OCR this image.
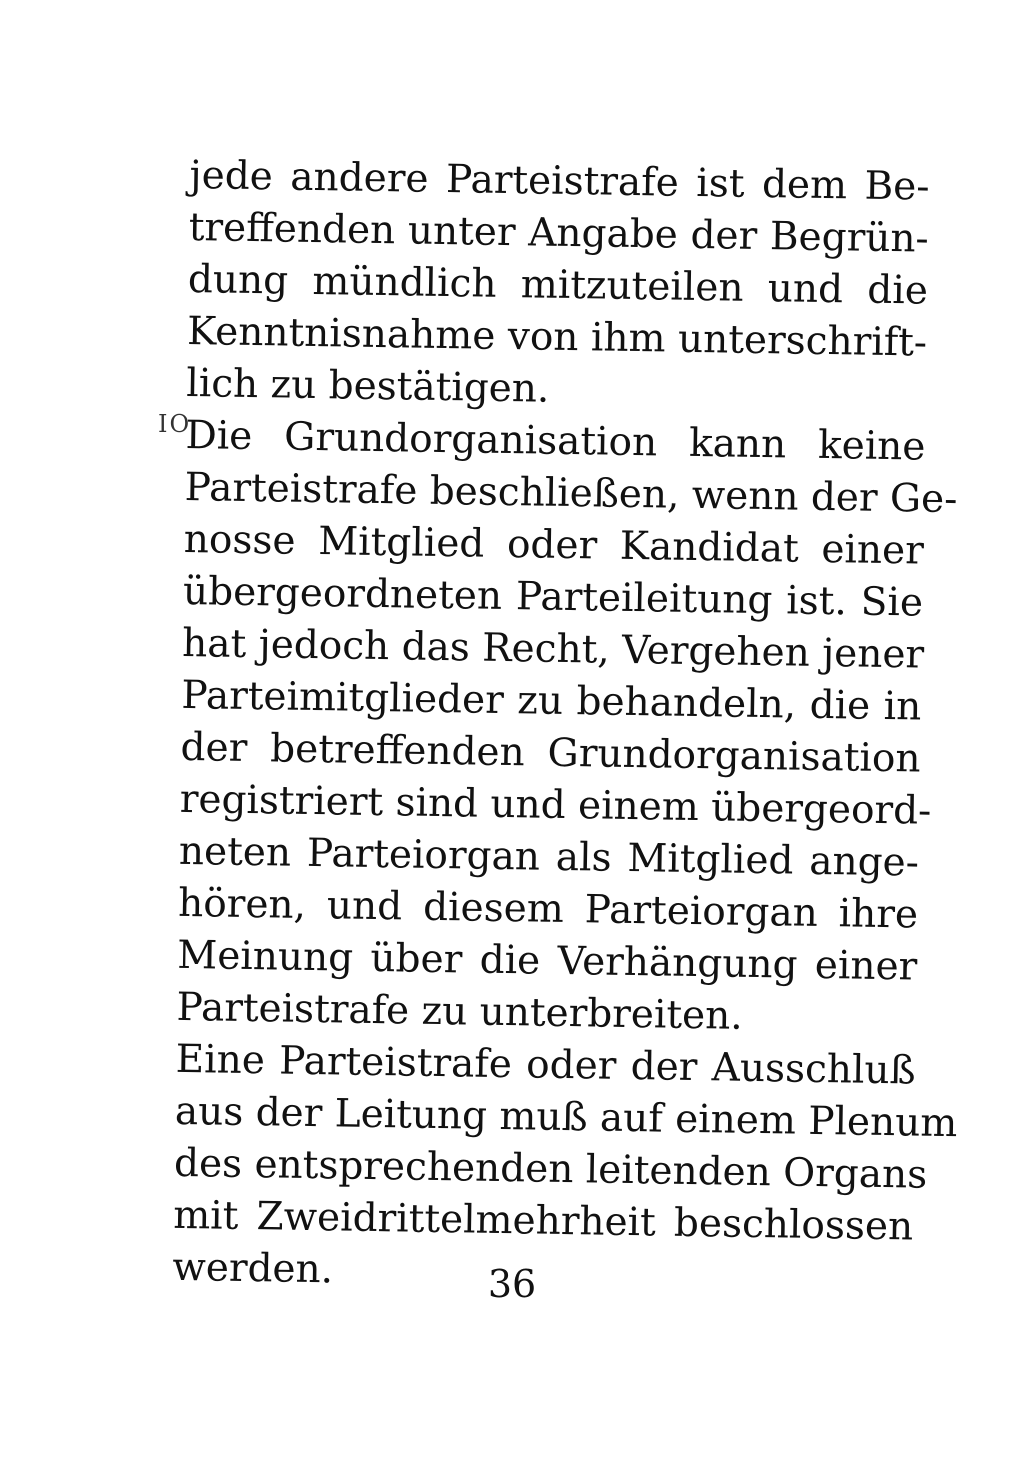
IO
jede andere Parteistrafe ist dem Be-
treffenden unter Angabe der Begrün-
dung mündlich mitzuteilen und die
Kenntnisnahme von ihm unterschrift-
lich zu bestätigen.
Die Grundorganisation kann keine
Parteistrafe beschließen, wenn der Ge-
nosse Mitglied oder Kandidat einer
übergeordneten Parteileitung ist. Sie
hat jedoch das Recht, Vergehen jener
Parteimitglieder zu behandeln, die in
der betreffenden Grundorganisation
registriert sind und einem übergeord-
neten Parteiorgan als Mitglied ange-
hören, und diesem Parteiorgan ihre
Meinung über die Verhängung einer
Parteistrafe zu unterbreiten.
Eine Parteistrafe oder der Ausschluß
aus der Leitung muß auf einem Plenum
des entsprechenden leitenden Organs
mit Zweidrittelmehrheit beschlossen
werden.	36
